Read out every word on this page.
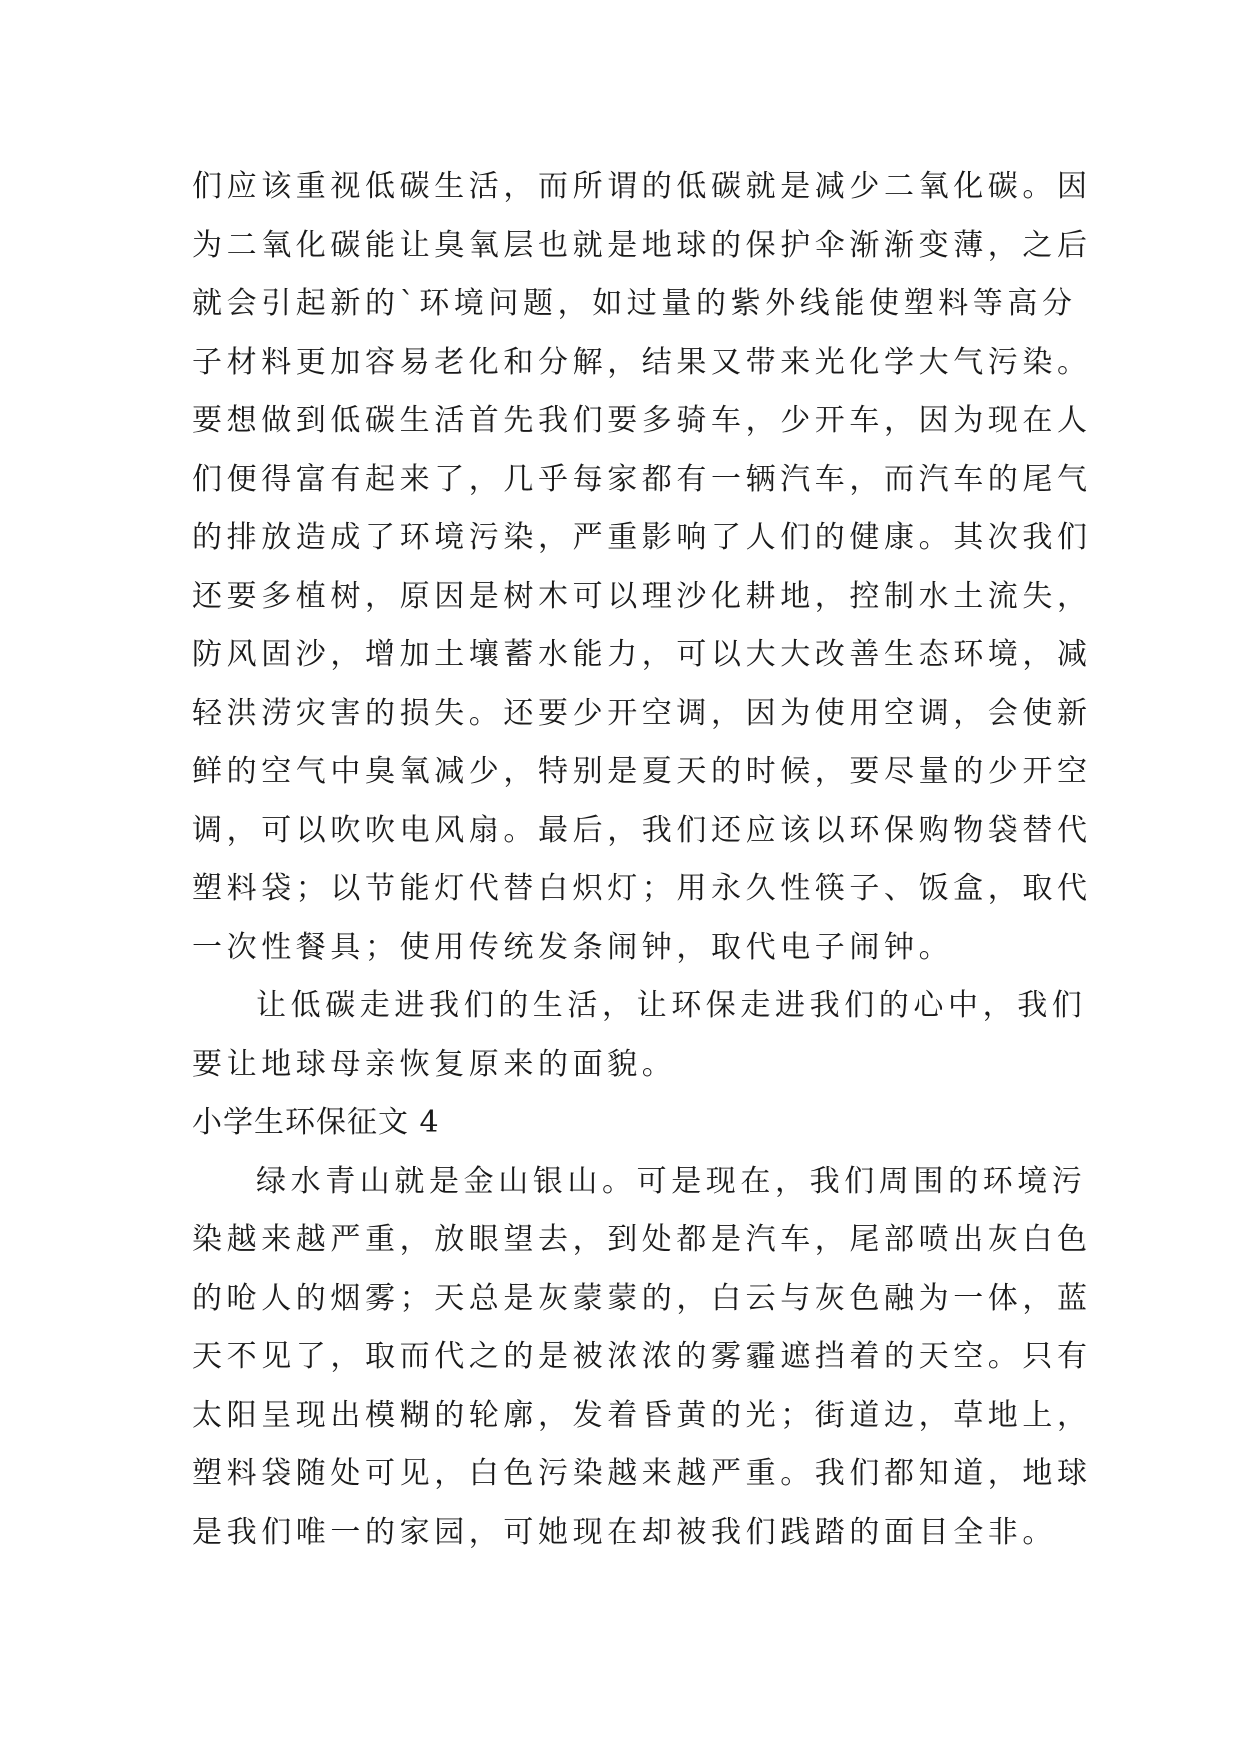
们应该重视低碳生活，而所谓的低碳就是减少二氧化碳。因
为二氧化碳能让臭氧层也就是地球的保护伞渐渐变薄，之后
就会引起新的`环境问题，如过量的紫外线能使塑料等高分
子材料更加容易老化和分解，结果又带来光化学大气污染。
要想做到低碳生活首先我们要多骑车，少开车，因为现在人
们便得富有起来了，几乎每家都有一辆汽车，而汽车的尾气
的排放造成了环境污染，严重影响了人们的健康。其次我们
还要多植树，原因是树木可以理沙化耕地，控制水土流失，
防风固沙，增加土壤蓄水能力，可以大大改善生态环境，减
轻洪涝灾害的损失。还要少开空调，因为使用空调，会使新
鲜的空气中臭氧减少，特别是夏天的时候，要尽量的少开空
调，可以吹吹电风扇。最后，我们还应该以环保购物袋替代
塑料袋；以节能灯代替白炽灯；用永久性筷子、饭盒，取代
一次性餐具；使用传统发条闹钟，取代电子闹钟。
让低碳走进我们的生活，让环保走进我们的心中，我们
要让地球母亲恢复原来的面貌。
小学生环保征文 4
绿水青山就是金山银山。可是现在，我们周围的环境污
染越来越严重，放眼望去，到处都是汽车，尾部喷出灰白色
的呛人的烟雾；天总是灰蒙蒙的，白云与灰色融为一体，蓝
天不见了，取而代之的是被浓浓的雾霾遮挡着的天空。只有
太阳呈现出模糊的轮廓，发着昏黄的光；街道边，草地上，
塑料袋随处可见，白色污染越来越严重。我们都知道，地球
是我们唯一的家园，可她现在却被我们践踏的面目全非。
